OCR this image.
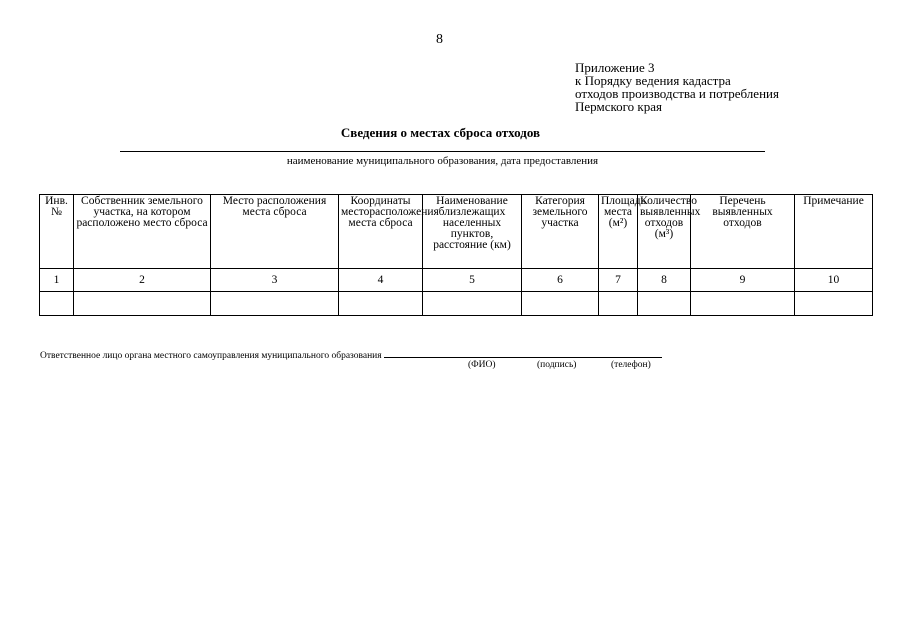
8
Приложение 3
к Порядку ведения кадастра
отходов производства и потребления
Пермского края
Сведения о местах сброса отходов
наименование муниципального образования, дата предоставления
Инв. №	Собственник земельного участка, на котором расположено место сброса	Место расположения места сброса	Координаты месторасположения места сброса	Наименование близлежащих населенных пунктов, расстояние (км)	Категория земельного участка	Площадь места (м²)	Количество выявленных отходов (м³)	Перечень выявленных отходов	Примечание
1	2	3	4	5	6	7	8	9	10

Ответственное лицо органа местного самоуправления муниципального образования
(ФИО)	(подпись)	(телефон)
